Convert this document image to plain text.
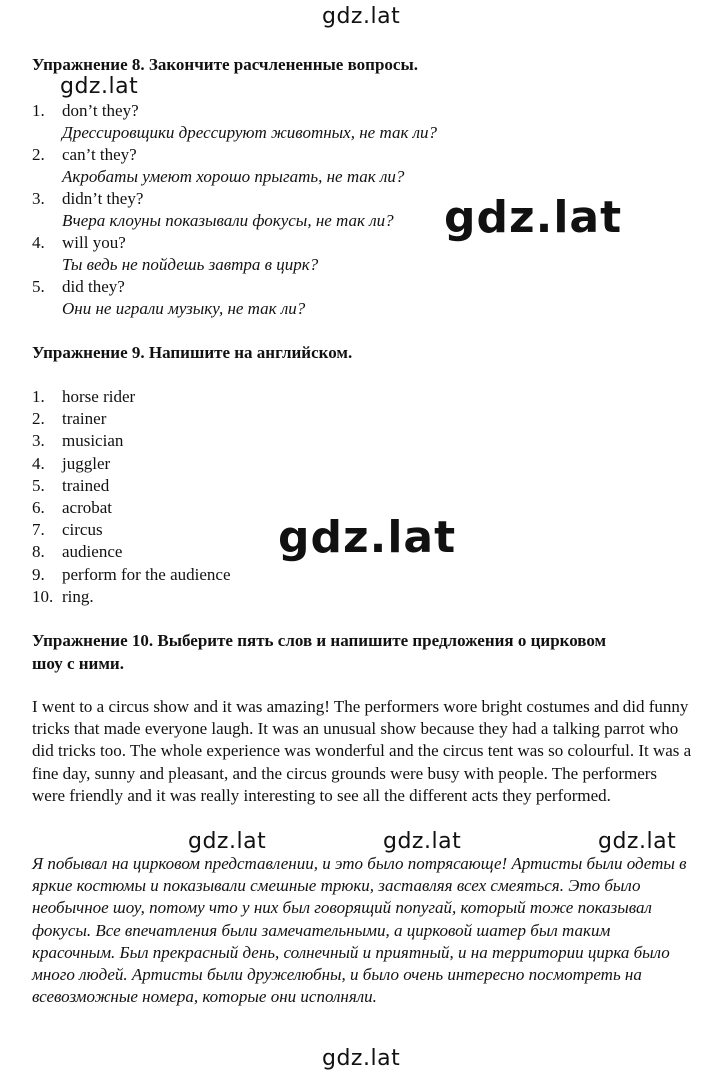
gdz.lat
gdz.lat
gdz.lat
gdz.lat
gdz.lat	gdz.lat	gdz.lat
gdz.lat
Упражнение 8. Закончите расчлененные вопросы.
1.	don’t they?
Дрессировщики дрессируют животных, не так ли?
2.	can’t they?
Акробаты умеют хорошо прыгать, не так ли?
3.	didn’t they?
Вчера клоуны показывали фокусы, не так ли?
4.	will you?
Ты ведь не пойдешь завтра в цирк?
5.	did they?
Они не играли музыку, не так ли?
Упражнение 9. Напишите на английском.
1.	horse rider
2.	trainer
3.	musician
4.	juggler
5.	trained
6.	acrobat
7.	circus
8.	audience
9.	perform for the audience
10. ring.
Упражнение 10. Выберите пять слов и напишите предложения о цирковом
шоу с ними.
I went to a circus show and it was amazing! The performers wore bright costumes and did funny tricks that made everyone laugh. It was an unusual show because they had a talking parrot who did tricks too. The whole experience was wonderful and the circus tent was so colourful. It was a fine day, sunny and pleasant, and the circus grounds were busy with people. The performers were friendly and it was really interesting to see all the different acts they performed.
Я побывал на цирковом представлении, и это было потрясающе! Артисты были одеты в яркие костюмы и показывали смешные трюки, заставляя всех смеяться. Это было необычное шоу, потому что у них был говорящий попугай, который тоже показывал фокусы. Все впечатления были замечательными, а цирковой шатер был таким красочным. Был прекрасный день, солнечный и приятный, и на территории цирка было много людей. Артисты были дружелюбны, и было очень интересно посмотреть на всевозможные номера, которые они исполняли.
